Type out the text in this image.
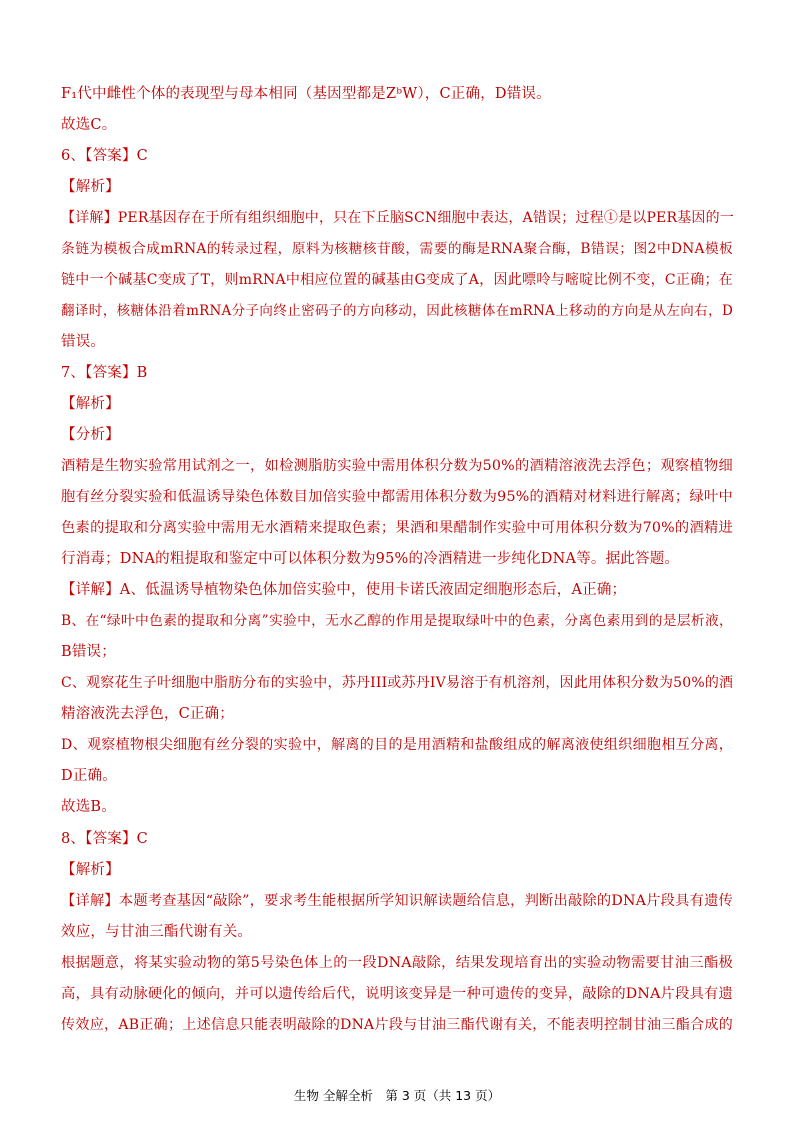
F₁代中雌性个体的表现型与母本相同（基因型都是ZᵇW），C正确，D错误。
故选C。
6、【答案】C
【解析】
【详解】PER基因存在于所有组织细胞中，只在下丘脑SCN细胞中表达，A错误；过程①是以PER基因的一
条链为模板合成mRNA的转录过程，原料为核糖核苷酸，需要的酶是RNA聚合酶，B错误；图2中DNA模板
链中一个碱基C变成了T，则mRNA中相应位置的碱基由G变成了A，因此嘌呤与嘧啶比例不变，C正确；在
翻译时，核糖体沿着mRNA分子向终止密码子的方向移动，因此核糖体在mRNA上移动的方向是从左向右，D
错误。
7、【答案】B
【解析】
【分析】
酒精是生物实验常用试剂之一，如检测脂肪实验中需用体积分数为50%的酒精溶液洗去浮色；观察植物细
胞有丝分裂实验和低温诱导染色体数目加倍实验中都需用体积分数为95%的酒精对材料进行解离；绿叶中
色素的提取和分离实验中需用无水酒精来提取色素；果酒和果醋制作实验中可用体积分数为70%的酒精进
行消毒；DNA的粗提取和鉴定中可以体积分数为95%的冷酒精进一步纯化DNA等。据此答题。
【详解】A、低温诱导植物染色体加倍实验中，使用卡诺氏液固定细胞形态后，A正确；
B、在“绿叶中色素的提取和分离”实验中，无水乙醇的作用是提取绿叶中的色素，分离色素用到的是层析液，
B错误；
C、观察花生子叶细胞中脂肪分布的实验中，苏丹III或苏丹IV易溶于有机溶剂，因此用体积分数为50%的酒
精溶液洗去浮色，C正确；
D、观察植物根尖细胞有丝分裂的实验中，解离的目的是用酒精和盐酸组成的解离液使组织细胞相互分离，
D正确。
故选B。
8、【答案】C
【解析】
【详解】本题考查基因“敲除”，要求考生能根据所学知识解读题给信息，判断出敲除的DNA片段具有遗传
效应，与甘油三酯代谢有关。
根据题意，将某实验动物的第5号染色体上的一段DNA敲除，结果发现培育出的实验动物需要甘油三酯极
高，具有动脉硬化的倾向，并可以遗传给后代，说明该变异是一种可遗传的变异，敲除的DNA片段具有遗
传效应，AB正确；上述信息只能表明敲除的DNA片段与甘油三酯代谢有关，不能表明控制甘油三酯合成的
生物 全解全析　第 3 页（共 13 页）
